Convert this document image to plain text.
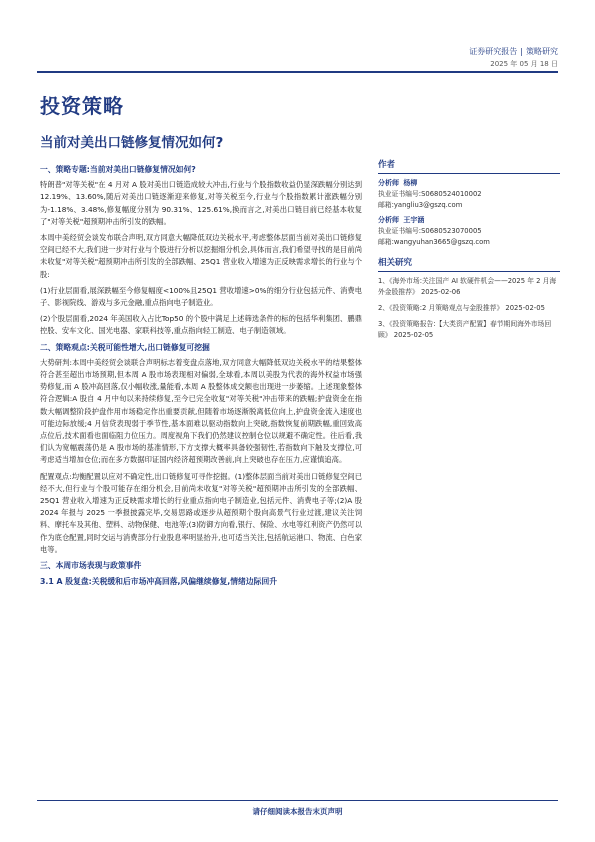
证券研究报告 | 策略研究
2025 年 05 月 18 日
投资策略
当前对美出口链修复情况如何?
一、策略专题:当前对美出口链修复情况如何?

特朗普"对等关税"在 4 月对 A 股对美出口链造成较大冲击,行业与个股指数收益仍显深跌幅分别达到 12.19%、13.60%,随后对美出口链逐渐迎来修复,对等关税至今,行业与个股指数累计涨跌幅分别为-1.18%、3.48%,修复幅度分别为 90.31%、125.61%,换而言之,对美出口链目前已经基本收复了"对等关税"超预期冲击所引发的跌幅。

本周中美经贸会谈发布联合声明,双方同意大幅降低双边关税水平,考虑整体层面当前对美出口链修复空间已经不大,我们进一步对行业与个股进行分析以挖掘细分机会,具体而言,我们希望寻找的是目前尚未收复"对等关税"超预期冲击所引发的全部跌幅、25Q1 营业收入增速为正反映需求增长的行业与个股:

(1)行业层面看,展深跌幅至今修复幅度<100%且25Q1 营收增速>0%的细分行业包括元件、消费电子、影视院线、游戏与多元金融,重点指向电子制造业。

(2)个股层面看,2024 年美国收入占比Top50 的个股中满足上述筛选条件的标的包括华利集团、鹏鼎控股、安车文化、国光电器、家联科技等,重点指向轻工制造、电子制造领域。

二、策略观点:关税可能性增大,出口链修复可挖掘

大势研判:本周中美经贸会谈联合声明标志着变盘点落地,双方同意大幅降低双边关税水平的结果整体符合甚至超出市场预期,但本周 A 股市场表现相对偏弱,全球看,本周以美股为代表的海外权益市场强势修复,而 A 股冲高回落,仅小幅收涨,量能看,本周 A 股整体成交额也出现进一步萎缩。上述现象整体符合逻辑:A 股自 4 月中旬以来持续修复,至今已完全收复"对等关税"冲击带来的跌幅;护盘资金在指数大幅调整阶段护盘作用市场稳定作出重要贡献,但随着市场逐渐脱离低位向上,护盘资金流入速度也可能边际放缓;4 月信贷表现弱于季节性,基本面难以驱动指数向上突破,指数恢复前期跌幅,重回致高点位后,技术面看也面临阻力位压力。周度视角下我们仍然建议控制仓位以规避不确定性。往后看,我们认为宽幅震荡仍是 A 股市场的基准情形,下方支撑大概率具备较强韧性,若指数向下触及支撑位,可考虑适当增加仓位;而在多方数据印证国内经济超预期改善前,向上突破也存在压力,应谨慎追高。

配置观点:均衡配置以应对不确定性,出口链修复可寻作挖掘。(1)整体层面当前对美出口链修复空间已经不大,但行业与个股可能存在细分机会,目前尚未收复"对等关税"超预期冲击所引发的全部跌幅、25Q1 营业收入增速为正反映需求增长的行业重点指向电子制造业,包括元件、消费电子等;(2)A 股 2024 年报与 2025 一季报披露完毕,交易思路或逐步从超预期个股向高景气行业过渡,建议关注饲料、摩托车及其他、塑料、动物保健、电池等;(3)防御方向看,银行、保险、水电等红利资产仍然可以作为底仓配置,同时交运与消费部分行业股息率明显抬升,也可适当关注,包括航运港口、物流、白色家电等。

三、本周市场表现与政策事件
3.1 A 股复盘:关税缓和后市场冲高回落,风偏继续修复,情绪边际回升
作者
分析师 杨柳
执业证书编号:S0680524010002
邮箱:yangliu3@gszq.com
分析师 王宇涵
执业证书编号:S0680523070005
邮箱:wangyuhan3665@gszq.com
相关研究
1、《海外市场:关注国产 AI 软硬件机会——2025 年 2 月海外金股推荐》 2025-02-06
2、《投资策略:2 月策略观点与金股推荐》 2025-02-05
3、《投资策略报告:【大类资产配置】春节期间海外市场回顾》 2025-02-05
请仔细阅读本报告末页声明
